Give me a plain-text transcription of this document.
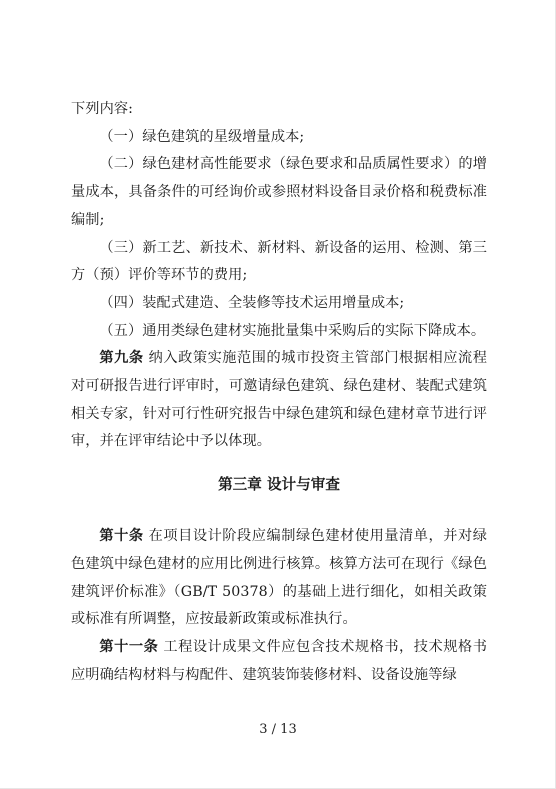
下列内容:

（一）绿色建筑的星级增量成本;

（二）绿色建材高性能要求（绿色要求和品质属性要求）的增量成本，具备条件的可经询价或参照材料设备目录价格和税费标准编制;

（三）新工艺、新技术、新材料、新设备的运用、检测、第三方（预）评价等环节的费用;

（四）装配式建造、全装修等技术运用增量成本;

（五）通用类绿色建材实施批量集中采购后的实际下降成本。

第九条 纳入政策实施范围的城市投资主管部门根据相应流程对可研报告进行评审时，可邀请绿色建筑、绿色建材、装配式建筑相关专家，针对可行性研究报告中绿色建筑和绿色建材章节进行评审，并在评审结论中予以体现。

第三章 设计与审查

第十条 在项目设计阶段应编制绿色建材使用量清单，并对绿色建筑中绿色建材的应用比例进行核算。核算方法可在现行《绿色建筑评价标准》（GB/T 50378）的基础上进行细化，如相关政策或标准有所调整，应按最新政策或标准执行。

第十一条 工程设计成果文件应包含技术规格书，技术规格书应明确结构材料与构配件、建筑装饰装修材料、设备设施等绿

3 / 13
